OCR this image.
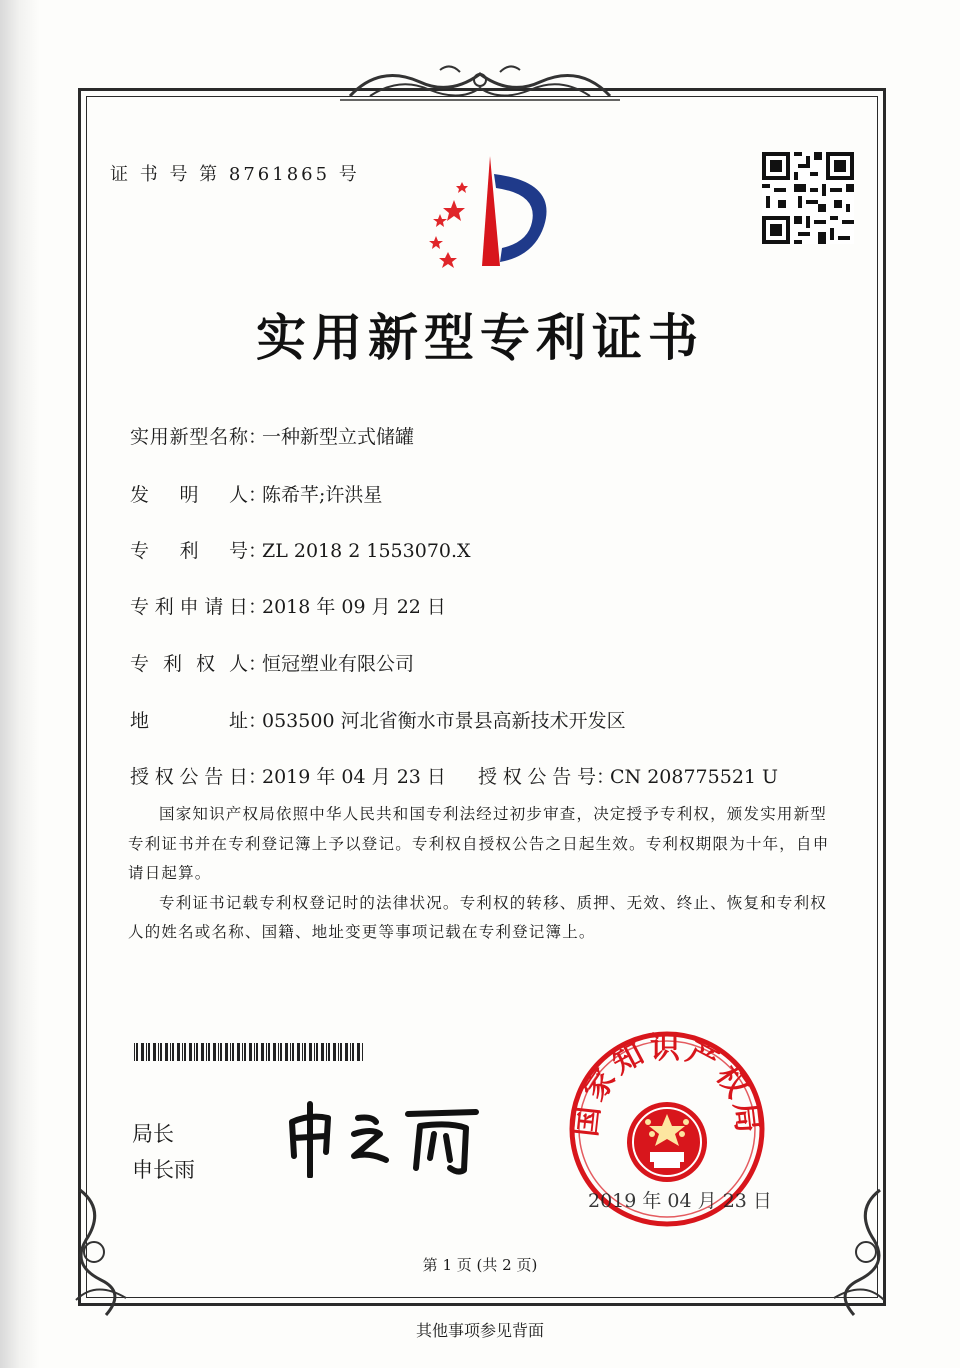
证 书 号 第 8761865 号
实用新型专利证书
实用新型名称：一种新型立式储罐
发明人：陈希芊;许洪星
专利号：ZL 2018 2 1553070.X
专利申请日：2018 年 09 月 22 日
专利权人：恒冠塑业有限公司
地址：053500 河北省衡水市景县高新技术开发区
授权公告日：2019 年 04 月 23 日 授权公告号：CN 208775521 U

国家知识产权局依照中华人民共和国专利法经过初步审查，决定授予专利权，颁发实用新型专利证书并在专利登记簿上予以登记。专利权自授权公告之日起生效。专利权期限为十年，自申请日起算。

专利证书记载专利权登记时的法律状况。专利权的转移、质押、无效、终止、恢复和专利权人的姓名或名称、国籍、地址变更等事项记载在专利登记簿上。

局长
申长雨
国家知识产权局
2019 年 04 月 23 日
第 1 页 (共 2 页)
其他事项参见背面
